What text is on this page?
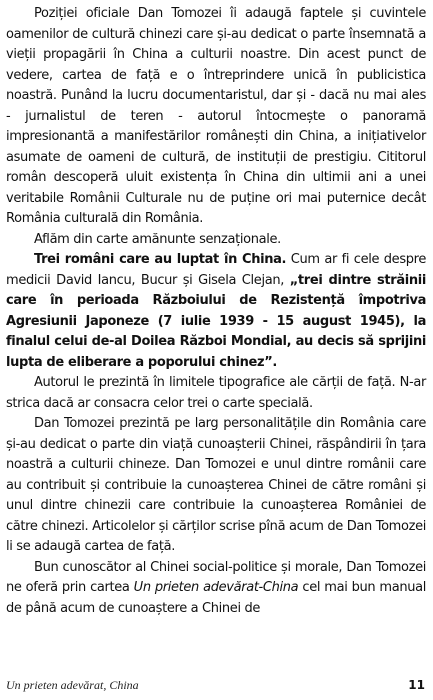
Poziției oficiale Dan Tomozei îi adaugă faptele și cuvintele oamenilor de cultură chinezi care și-au dedicat o parte însemnată a vieții propagării în China a culturii noastre. Din acest punct de vedere, cartea de față e o întreprindere unică în publicistica noastră. Punând la lucru documentaristul, dar și - dacă nu mai ales - jurnalistul de teren - autorul întocmește o panoramă impresionantă a manifestărilor românești din China, a inițiativelor asumate de oameni de cultură, de instituții de prestigiu. Cititorul român descoperă uluit existența în China din ultimii ani a unei veritabile Românii Culturale nu de puține ori mai puternice decât România culturală din România.

Aflăm din carte amănunte senzaționale.

Trei români care au luptat în China. Cum ar fi cele despre medicii David Iancu, Bucur și Gisela Clejan, „trei dintre străinii care în perioada Războiului de Rezistență împotriva Agresiunii Japoneze (7 iulie 1939 - 15 august 1945), la finalul celui de-al Doilea Război Mondial, au decis să sprijini lupta de eliberare a poporului chinez”.

Autorul le prezintă în limitele tipografice ale cărții de față. N-ar strica dacă ar consacra celor trei o carte specială.

Dan Tomozei prezintă pe larg personalitățile din România care și-au dedicat o parte din viață cunoașterii Chinei, răspândirii în țara noastră a culturii chineze. Dan Tomozei e unul dintre românii care au contribuit și contribuie la cunoașterea Chinei de către români și unul dintre chinezii care contribuie la cunoașterea României de către chinezi. Articolelor și cărților scrise pînă acum de Dan Tomozei li se adaugă cartea de față.

Bun cunoscător al Chinei social-politice și morale, Dan Tomozei ne oferă prin cartea Un prieten adevărat-China cel mai bun manual de până acum de cunoaștere a Chinei de

Un prieten adevărat, China	11
